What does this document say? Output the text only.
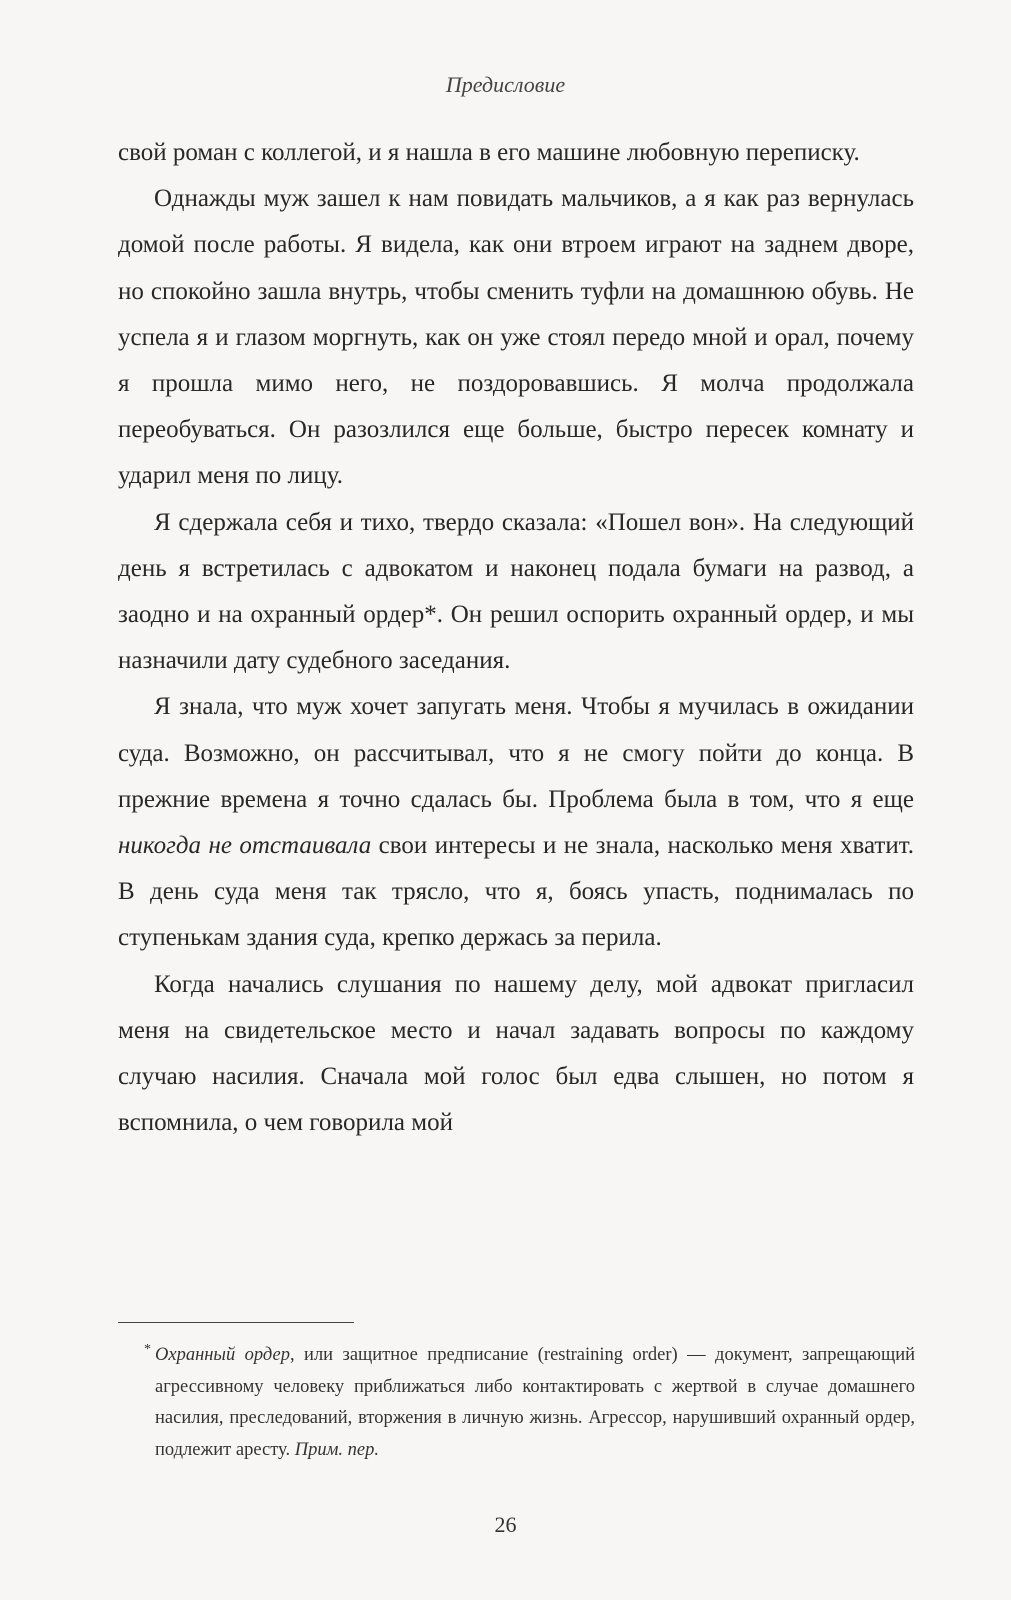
Предисловие

свой роман с коллегой, и я нашла в его машине любовную переписку.

Однажды муж зашел к нам повидать мальчиков, а я как раз вернулась домой после работы. Я видела, как они втроем играют на заднем дворе, но спокойно зашла внутрь, чтобы сменить туфли на домашнюю обувь. Не успела я и глазом моргнуть, как он уже стоял передо мной и орал, почему я прошла мимо него, не поздоровавшись. Я молча продолжала переобуваться. Он разозлился еще больше, быстро пересек комнату и ударил меня по лицу.

Я сдержала себя и тихо, твердо сказала: «Пошел вон». На следующий день я встретилась с адвокатом и наконец подала бумаги на развод, а заодно и на охранный ордер*. Он решил оспорить охранный ордер, и мы назначили дату судебного заседания.

Я знала, что муж хочет запугать меня. Чтобы я мучилась в ожидании суда. Возможно, он рассчитывал, что я не смогу пойти до конца. В прежние времена я точно сдалась бы. Проблема была в том, что я еще никогда не отстаивала свои интересы и не знала, насколько меня хватит. В день суда меня так трясло, что я, боясь упасть, поднималась по ступенькам здания суда, крепко держась за перила.

Когда начались слушания по нашему делу, мой адвокат пригласил меня на свидетельское место и начал задавать вопросы по каждому случаю насилия. Сначала мой голос был едва слышен, но потом я вспомнила, о чем говорила мой

* Охранный ордер, или защитное предписание (restraining order) — документ, запрещающий агрессивному человеку приближаться либо контактировать с жертвой в случае домашнего насилия, преследований, вторжения в личную жизнь. Агрессор, нарушивший охранный ордер, подлежит аресту. Прим. пер.
26
